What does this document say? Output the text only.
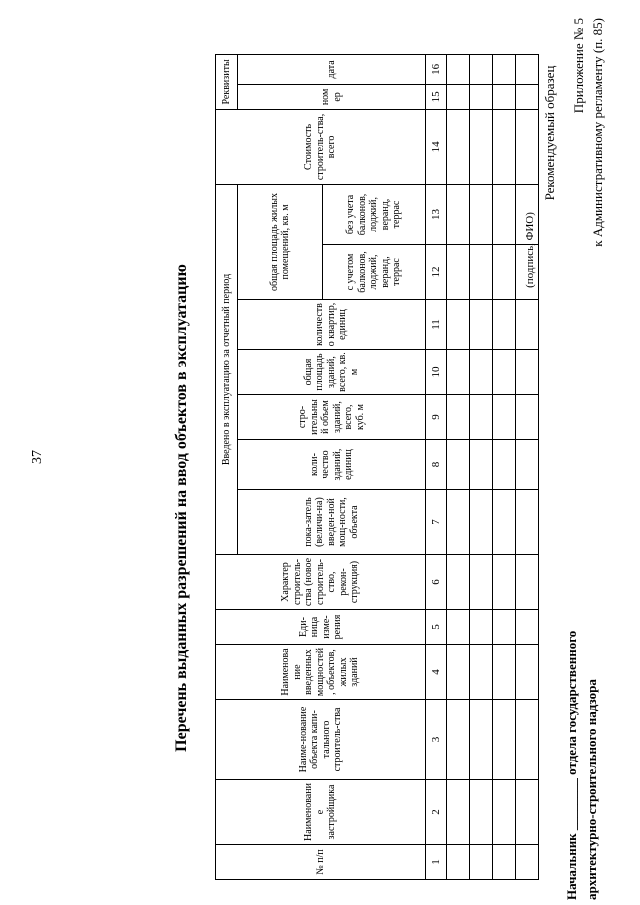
Приложение № 5 к Административному регламенту (п. 85)
Рекомендуемый образец
(подпись, ФИО)
37	Перечень выданных разрешений на ввод объектов в эксплуатацию
Начальник ________ отдела государственного архитектурно-строительного надзора
№ п/п	Наименование застройщика	Наиме-нование объекта капи-тального строитель-ства	Наименование введенных мощностей, объектов, жилых зданий	Еди-ница изме-рения	Характер строитель-ства (новое строитель-ство, рекон-струкция)	Введено в эксплуатацию за отчетный период							Стоимость строитель-ства, всего	Реквизиты	
						пока-затель (величи-на) введен-ной мощ-ности, объекта	коли-чество зданий, единиц	стро-ительный объем зданий, всего, куб. м	общая площадь зданий, всего, кв. м	количество квартир, единиц	общая площадь жилых помещений, кв. м			номер	дата
											с учетом балконов, лоджий, веранд, террас	без учета балконов, лоджий, веранд, террас			
1	2	3	4	5	6	7	8	9	10	11	12	13	14	15	16
